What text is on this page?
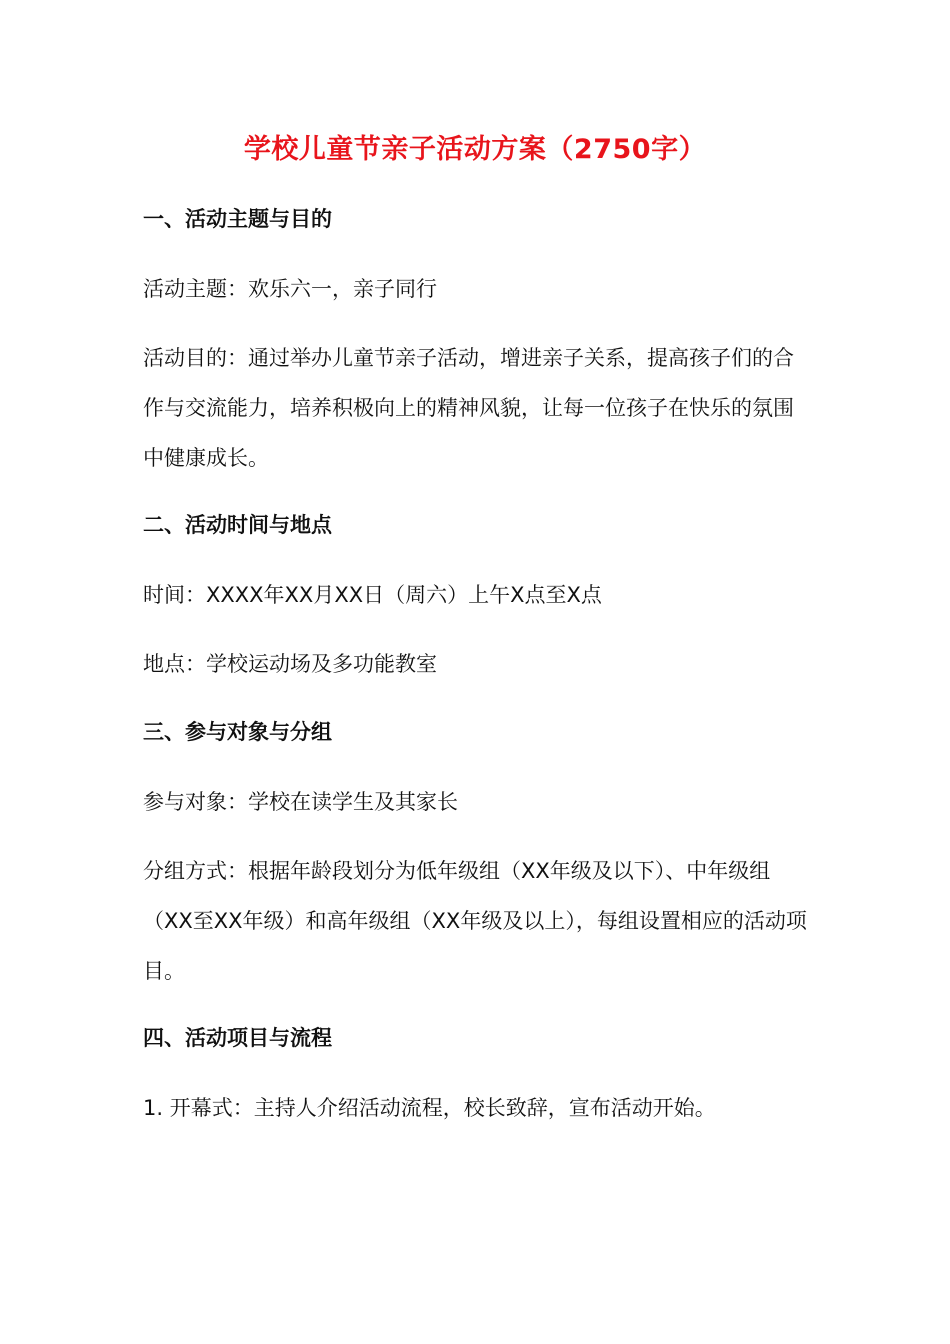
学校儿童节亲子活动方案（2750字）
一、活动主题与目的
活动主题：欢乐六一，亲子同行
活动目的：通过举办儿童节亲子活动，增进亲子关系，提高孩子们的合作与交流能力，培养积极向上的精神风貌，让每一位孩子在快乐的氛围中健康成长。
二、活动时间与地点
时间：XXXX年XX月XX日（周六）上午X点至X点
地点：学校运动场及多功能教室
三、参与对象与分组
参与对象：学校在读学生及其家长
分组方式：根据年龄段划分为低年级组（XX年级及以下）、中年级组（XX至XX年级）和高年级组（XX年级及以上），每组设置相应的活动项目。
四、活动项目与流程
1. 开幕式：主持人介绍活动流程，校长致辞，宣布活动开始。
